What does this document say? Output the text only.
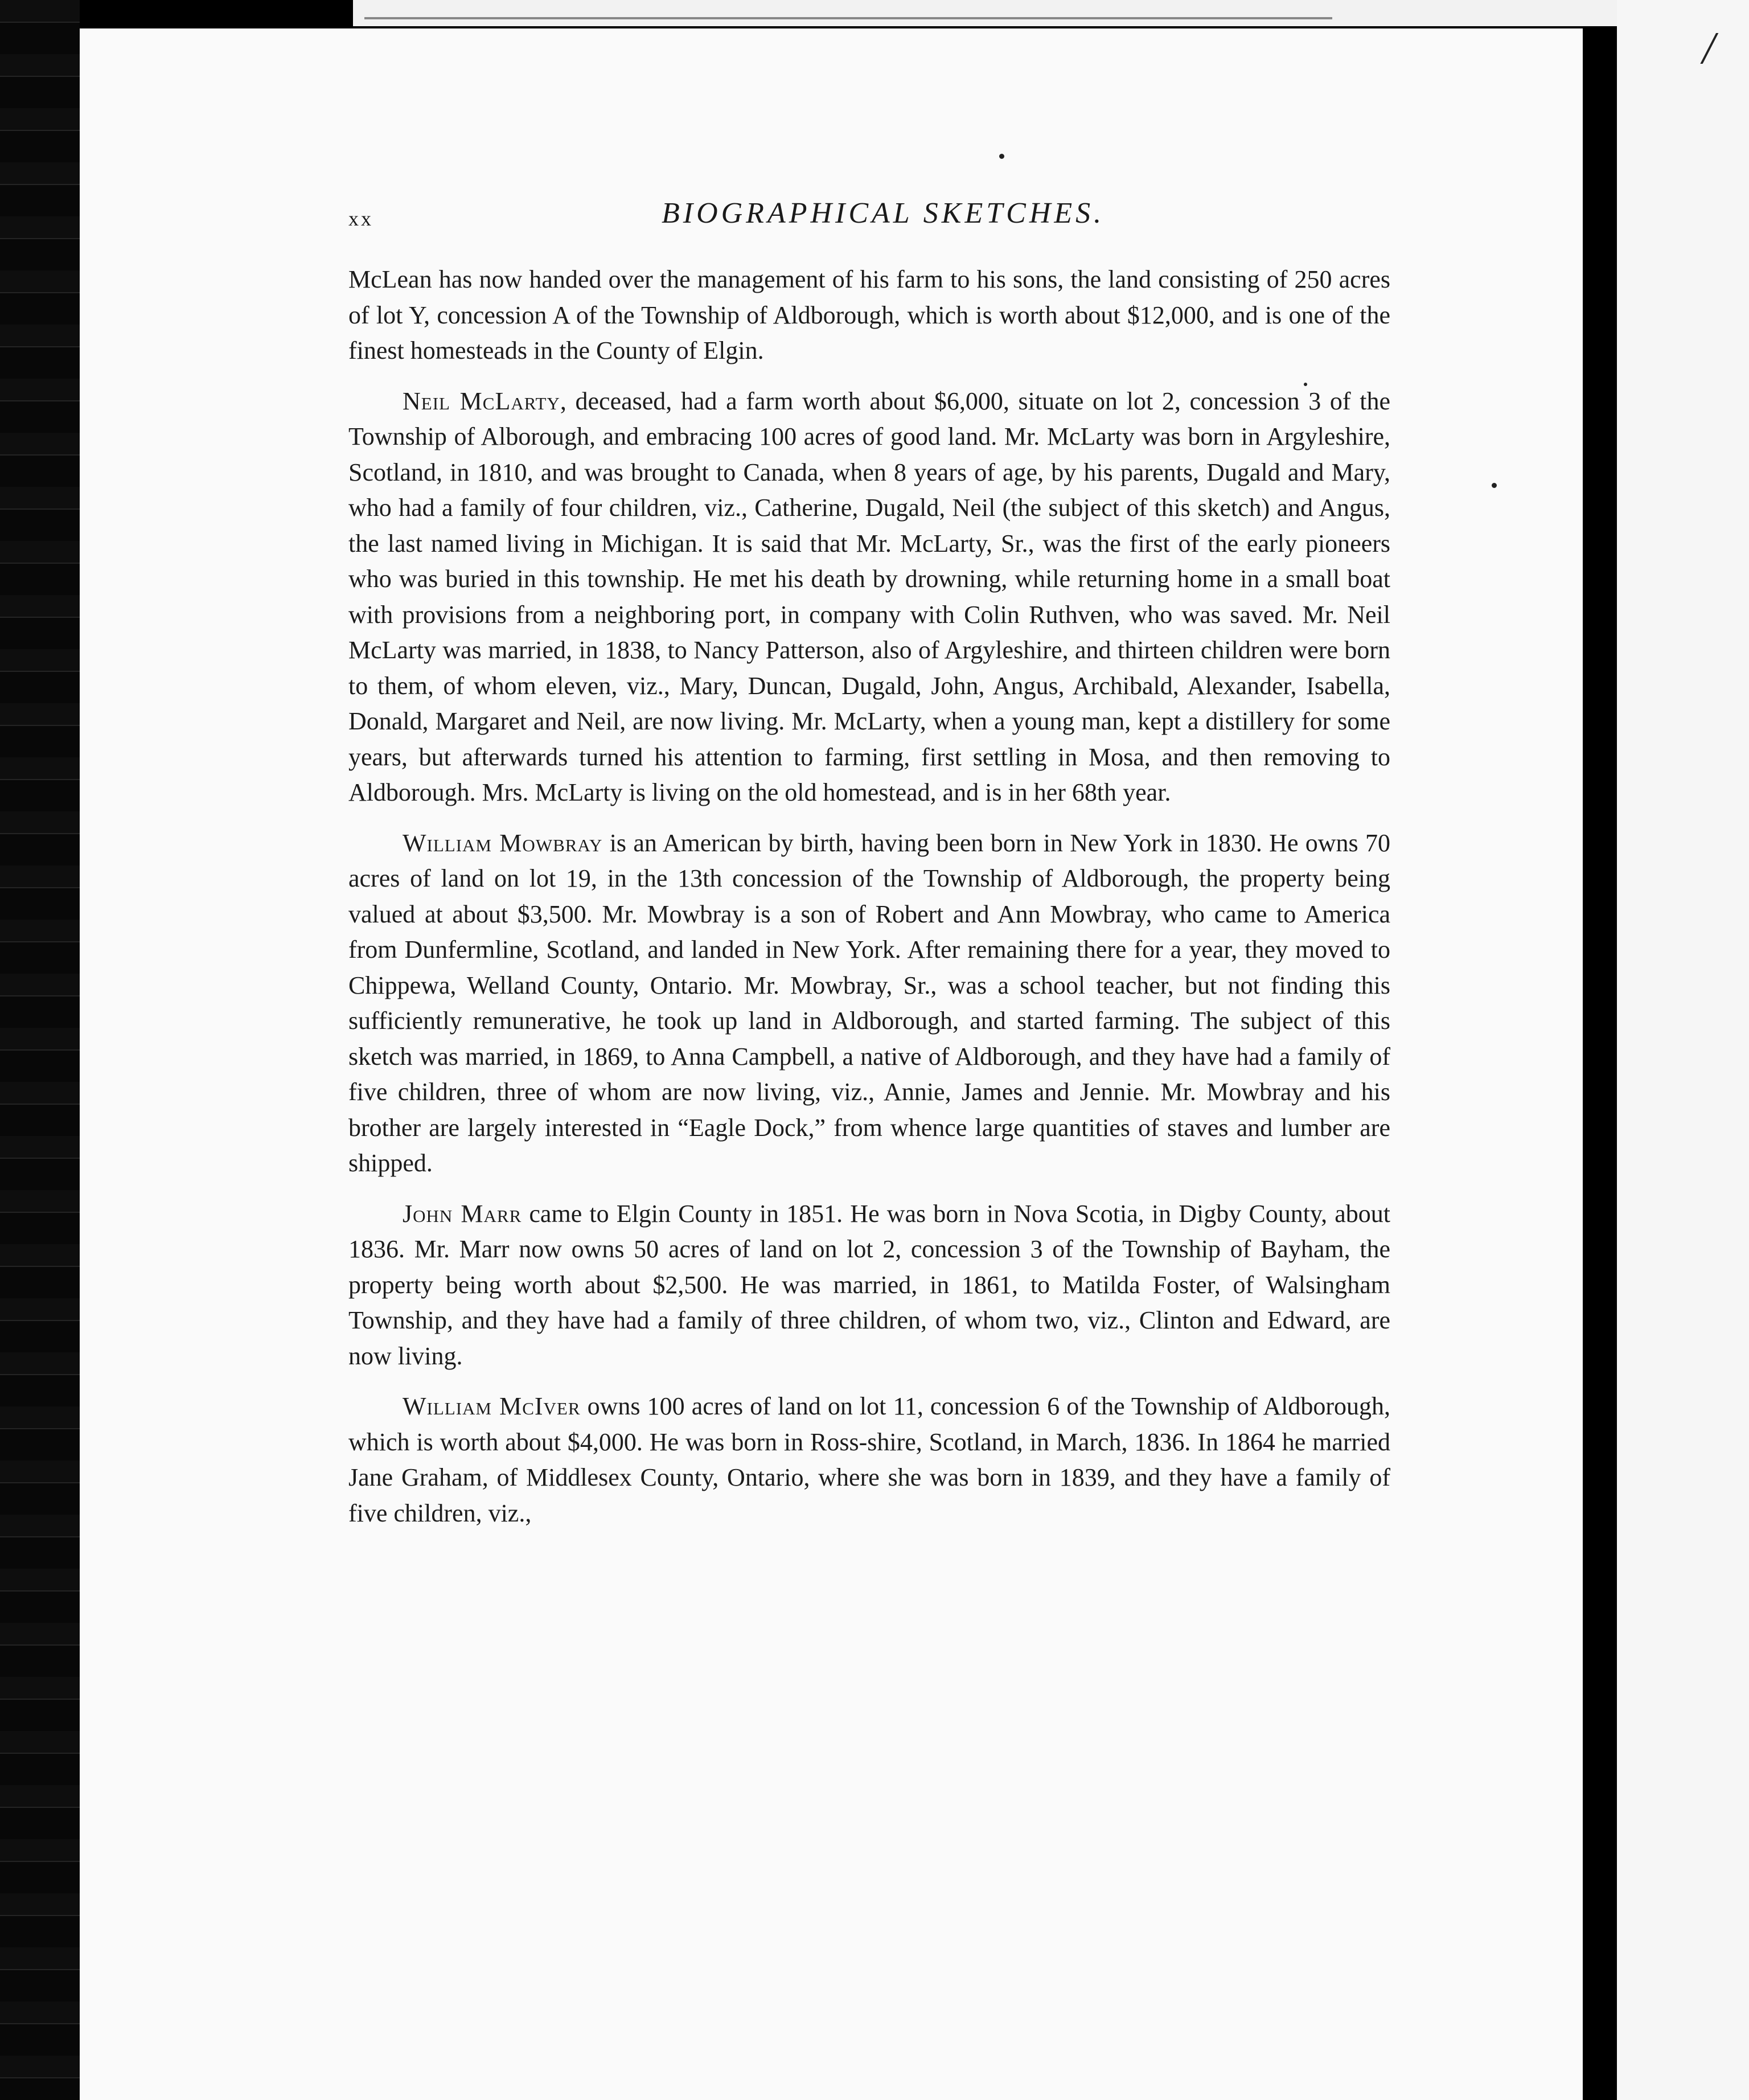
/
xx	BIOGRAPHICAL SKETCHES.

McLean has now handed over the management of his farm to his sons, the land consisting of 250 acres of lot Y, concession A of the Township of Aldborough, which is worth about $12,000, and is one of the finest homesteads in the County of Elgin.

Neil McLarty, deceased, had a farm worth about $6,000, situate on lot 2, concession 3 of the Township of Alborough, and embracing 100 acres of good land. Mr. McLarty was born in Argyleshire, Scotland, in 1810, and was brought to Canada, when 8 years of age, by his parents, Dugald and Mary, who had a family of four children, viz., Catherine, Dugald, Neil (the subject of this sketch) and Angus, the last named living in Michigan. It is said that Mr. McLarty, Sr., was the first of the early pioneers who was buried in this township. He met his death by drowning, while returning home in a small boat with provisions from a neighboring port, in company with Colin Ruthven, who was saved. Mr. Neil McLarty was married, in 1838, to Nancy Patterson, also of Argyleshire, and thirteen children were born to them, of whom eleven, viz., Mary, Duncan, Dugald, John, Angus, Archibald, Alexander, Isabella, Donald, Margaret and Neil, are now living. Mr. McLarty, when a young man, kept a distillery for some years, but afterwards turned his attention to farming, first settling in Mosa, and then removing to Aldborough. Mrs. McLarty is living on the old homestead, and is in her 68th year.

William Mowbray is an American by birth, having been born in New York in 1830. He owns 70 acres of land on lot 19, in the 13th concession of the Township of Aldborough, the property being valued at about $3,500. Mr. Mowbray is a son of Robert and Ann Mowbray, who came to America from Dunfermline, Scotland, and landed in New York. After remaining there for a year, they moved to Chippewa, Welland County, Ontario. Mr. Mowbray, Sr., was a school teacher, but not finding this sufficiently remunerative, he took up land in Aldborough, and started farming. The subject of this sketch was married, in 1869, to Anna Campbell, a native of Aldborough, and they have had a family of five children, three of whom are now living, viz., Annie, James and Jennie. Mr. Mowbray and his brother are largely interested in “Eagle Dock,” from whence large quantities of staves and lumber are shipped.

John Marr came to Elgin County in 1851. He was born in Nova Scotia, in Digby County, about 1836. Mr. Marr now owns 50 acres of land on lot 2, concession 3 of the Township of Bayham, the property being worth about $2,500. He was married, in 1861, to Matilda Foster, of Walsingham Township, and they have had a family of three children, of whom two, viz., Clinton and Edward, are now living.

William McIver owns 100 acres of land on lot 11, concession 6 of the Township of Aldborough, which is worth about $4,000. He was born in Ross-shire, Scotland, in March, 1836. In 1864 he married Jane Graham, of Middlesex County, Ontario, where she was born in 1839, and they have a family of five children, viz.,
